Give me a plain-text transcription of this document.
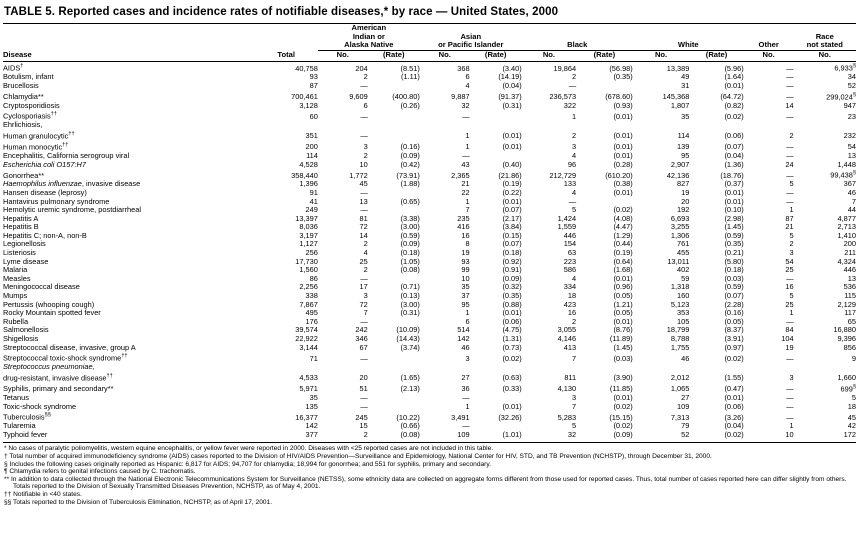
TABLE 5. Reported cases and incidence rates of notifiable diseases,* by race — United States, 2000
		American
Indian or

Alaska Native		Asian

or Pacific Islander		Black		White		Other	Race

not stated

Disease	Total	No.	(Rate)	No.	(Rate)	No.	(Rate)	No.	(Rate)	No.	No.

AIDS†	40,758	204	(8.51)	368	(3.40)	19,864	(56.98)	13,389	(5.96)	—	6,933§
Botulism, infant	93	2	(1.11)	6	(14.19)	2	(0.35)	49	(1.64)	—	34
Brucellosis	87	—		4	(0.04)	—		31	(0.01)	—	52
Chlamydia**	700,461	9,609	(400.80)	9,887	(91.37)	236,573	(678.60)	145,368	(64.72)	—	299,024§
Cryptosporidiosis	3,128	6	(0.26)	32	(0.31)	322	(0.93)	1,807	(0.82)	14	947
Cyclosporiasis††	60	—		—		1	(0.01)	35	(0.02)	—	23
Ehrlichiosis,											
Human granulocytic††	351	—		1	(0.01)	2	(0.01)	114	(0.06)	2	232
Human monocytic††	200	3	(0.16)	1	(0.01)	3	(0.01)	139	(0.07)	—	54
Encephalitis, California serogroup viral	114	2	(0.09)	—		4	(0.01)	95	(0.04)	—	13
Escherichia coli O157:H7	4,528	10	(0.42)	43	(0.40)	96	(0.28)	2,907	(1.36)	24	1,448
Gonorrhea**	358,440	1,772	(73.91)	2,365	(21.86)	212,729	(610.20)	42,136	(18.76)	—	99,438§
Haemophilus influenzae, invasive disease	1,396	45	(1.88)	21	(0.19)	133	(0.38)	827	(0.37)	5	367
Hansen disease (leprosy)	91	—		22	(0.22)	4	(0.01)	19	(0.01)	—	46
Hantavirus pulmonary syndrome	41	13	(0.65)	1	(0.01)	—		20	(0.01)	—	7
Hemolytic uremic syndrome, postdiarrheal	249	—		7	(0.07)	5	(0.02)	192	(0.10)	1	44
Hepatitis A	13,397	81	(3.38)	235	(2.17)	1,424	(4.08)	6,693	(2.98)	87	4,877
Hepatitis B	8,036	72	(3.00)	416	(3.84)	1,559	(4.47)	3,255	(1.45)	21	2,713
Hepatitis C; non-A, non-B	3,197	14	(0.59)	16	(0.15)	446	(1.29)	1,306	(0.59)	5	1,410
Legionellosis	1,127	2	(0.09)	8	(0.07)	154	(0.44)	761	(0.35)	2	200
Listeriosis	256	4	(0.18)	19	(0.18)	63	(0.19)	455	(0.21)	3	211
Lyme disease	17,730	25	(1.05)	93	(0.92)	223	(0.64)	13,011	(5.80)	54	4,324
Malaria	1,560	2	(0.08)	99	(0.91)	586	(1.68)	402	(0.18)	25	446
Measles	86	—		10	(0.09)	4	(0.01)	59	(0.03)	—	13
Meningococcal disease	2,256	17	(0.71)	35	(0.32)	334	(0.96)	1,318	(0.59)	16	536
Mumps	338	3	(0.13)	37	(0.35)	18	(0.05)	160	(0.07)	5	115
Pertussis (whooping cough)	7,867	72	(3.00)	95	(0.88)	423	(1.21)	5,123	(2.28)	25	2,129
Rocky Mountain spotted fever	495	7	(0.31)	1	(0.01)	16	(0.05)	353	(0.16)	1	117
Rubella	176	—		6	(0.06)	2	(0.01)	105	(0.05)	—	65
Salmonellosis	39,574	242	(10.09)	514	(4.75)	3,055	(8.76)	18,799	(8.37)	84	16,880
Shigellosis	22,922	346	(14.43)	142	(1.31)	4,146	(11.89)	8,788	(3.91)	104	9,396
Streptococcal disease, invasive, group A	3,144	67	(3.74)	46	(0.73)	413	(1.45)	1,755	(0.97)	19	856
Streptococcal toxic-shock syndrome††	71	—		3	(0.02)	7	(0.03)	46	(0.02)	—	9
Streptococcus pneumoniae,											
drug-resistant, invasive disease††	4,533	20	(1.65)	27	(0.63)	811	(3.90)	2,012	(1.55)	3	1,660
Syphilis, primary and secondary**	5,971	51	(2.13)	36	(0.33)	4,130	(11.85)	1,065	(0.47)	—	699§
Tetanus	35	—		—		3	(0.01)	27	(0.01)	—	5
Toxic-shock syndrome	135	—		1	(0.01)	7	(0.02)	109	(0.06)	—	18
Tuberculosis§§	16,377	245	(10.22)	3,491	(32.26)	5,283	(15.15)	7,313	(3.26)	—	45
Tularemia	142	15	(0.66)	—		5	(0.02)	79	(0.04)	1	42
Typhoid fever	377	2	(0.08)	109	(1.01)	32	(0.09)	52	(0.02)	10	172
* No cases of paralytic poliomyelitis, western equine encephalitis, or yellow fever were reported in 2000. Diseases with <25 reported cases are not included in this table.
† Total number of acquired immunodeficiency syndrome (AIDS) cases reported to the Division of HIV/AIDS Prevention—Surveillance and Epidemiology, National Center for HIV, STD, and TB Prevention (NCHSTP), through December 31, 2000.
§ Includes the following cases originally reported as Hispanic: 6,817 for AIDS; 94,707 for chlamydia; 18,994 for gonorrhea; and 551 for syphilis, primary and secondary.
¶ Chlamydia refers to genital infections caused by C. trachomatis.
** In addition to data collected through the National Electronic Telecommunications System for Surveillance (NETSS), some ethnicity data are collected on aggregate forms different from those used for reported cases. Thus, total number of cases reported here can differ slightly from others. Totals reported to the Division of Sexually Transmitted Diseases Prevention, NCHSTP, as of May 4, 2001.
†† Notifiable in <40 states.
§§ Totals reported to the Division of Tuberculosis Elimination, NCHSTP, as of April 17, 2001.
